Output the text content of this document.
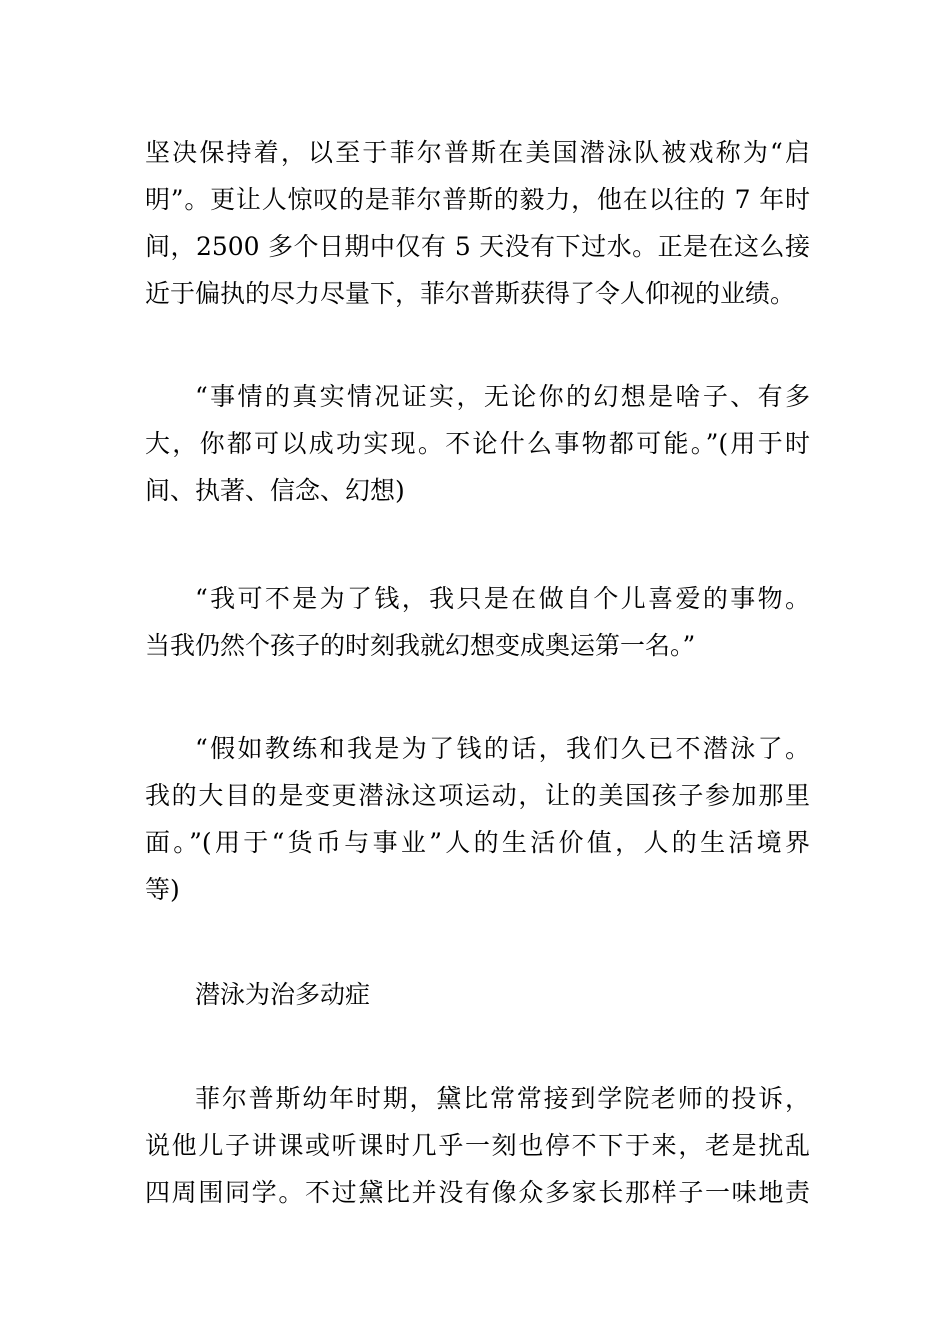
坚决保持着，以至于菲尔普斯在美国潜泳队被戏称为“启
明”。更让人惊叹的是菲尔普斯的毅力，他在以往的 7 年时
间，2500 多个日期中仅有 5 天没有下过水。正是在这么接
近于偏执的尽力尽量下，菲尔普斯获得了令人仰视的业绩。
“事情的真实情况证实，无论你的幻想是啥子、有多
大，你都可以成功实现。不论什么事物都可能。”(用于时
间、执著、信念、幻想)
“我可不是为了钱，我只是在做自个儿喜爱的事物。
当我仍然个孩子的时刻我就幻想变成奥运第一名。”
“假如教练和我是为了钱的话，我们久已不潜泳了。
我的大目的是变更潜泳这项运动，让的美国孩子参加那里
面。”(用于“货币与事业”人的生活价值，人的生活境界
等)
潜泳为治多动症
菲尔普斯幼年时期，黛比常常接到学院老师的投诉，
说他儿子讲课或听课时几乎一刻也停不下于来，老是扰乱
四周围同学。不过黛比并没有像众多家长那样子一味地责
